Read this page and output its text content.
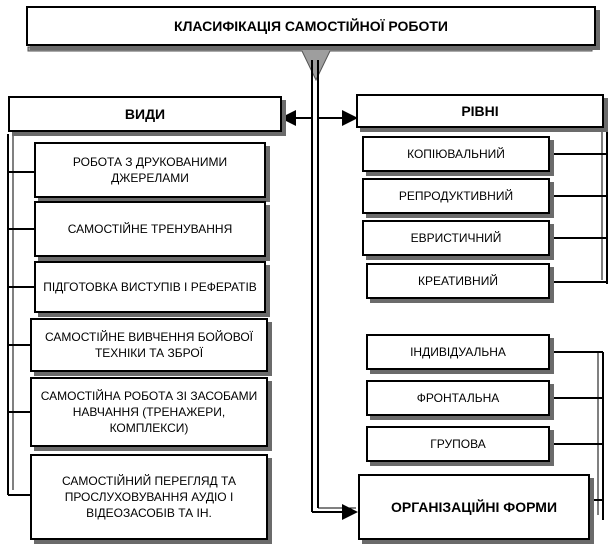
КЛАСИФІКАЦІЯ САМОСТІЙНОЇ РОБОТИ
ВИДИ
РОБОТА З ДРУКОВАНИМИ ДЖЕРЕЛАМИ
САМОСТІЙНЕ ТРЕНУВАННЯ
ПІДГОТОВКА ВИСТУПІВ І РЕФЕРАТІВ
САМОСТІЙНЕ ВИВЧЕННЯ БОЙОВОЇ ТЕХНІКИ ТА ЗБРОЇ
САМОСТІЙНА РОБОТА ЗІ ЗАСОБАМИ НАВЧАННЯ (ТРЕНАЖЕРИ, КОМПЛЕКСИ)
САМОСТІЙНИЙ ПЕРЕГЛЯД ТА ПРОСЛУХОВУВАННЯ АУДІО І ВІДЕОЗАСОБІВ ТА ІН.
РІВНІ
КОПІЮВАЛЬНИЙ
РЕПРОДУКТИВНИЙ
ЕВРИСТИЧНИЙ
КРЕАТИВНИЙ
ІНДИВІДУАЛЬНА
ФРОНТАЛЬНА
ГРУПОВА
ОРГАНІЗАЦІЙНІ ФОРМИ
